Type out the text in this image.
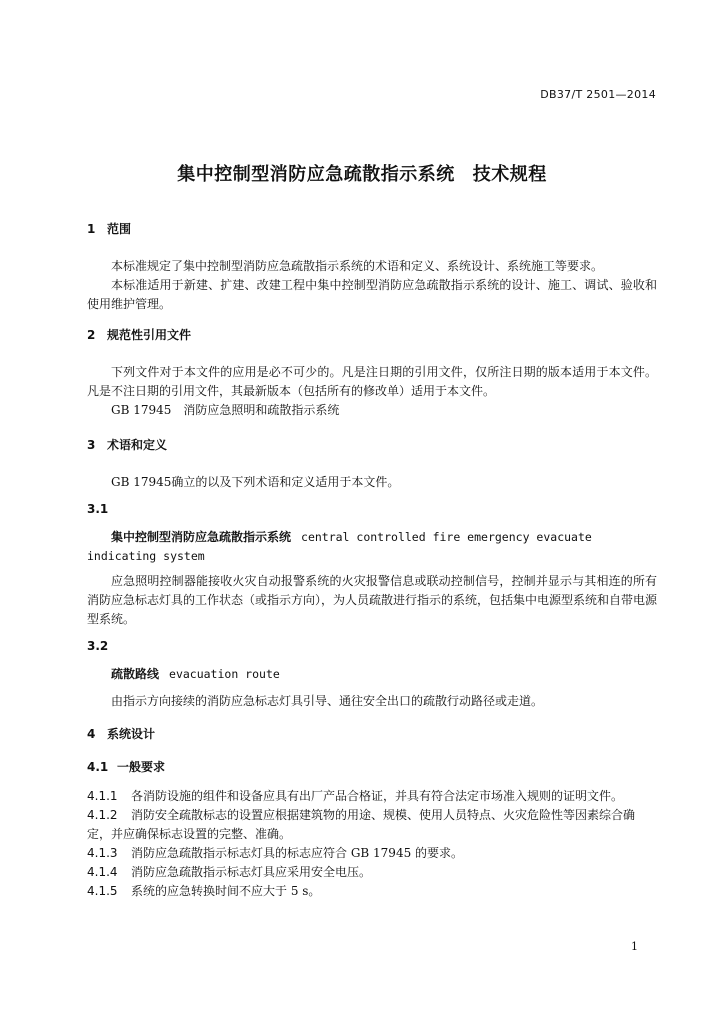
DB37/T 2501—2014
集中控制型消防应急疏散指示系统 技术规程
1 范围
本标准规定了集中控制型消防应急疏散指示系统的术语和定义、系统设计、系统施工等要求。
本标准适用于新建、扩建、改建工程中集中控制型消防应急疏散指示系统的设计、施工、调试、验收和使用维护管理。
2 规范性引用文件
下列文件对于本文件的应用是必不可少的。凡是注日期的引用文件，仅所注日期的版本适用于本文件。凡是不注日期的引用文件，其最新版本（包括所有的修改单）适用于本文件。
GB 17945　消防应急照明和疏散指示系统
3 术语和定义
GB 17945确立的以及下列术语和定义适用于本文件。
3.1
集中控制型消防应急疏散指示系统 central controlled fire emergency evacuate indicating system
应急照明控制器能接收火灾自动报警系统的火灾报警信息或联动控制信号，控制并显示与其相连的所有消防应急标志灯具的工作状态（或指示方向），为人员疏散进行指示的系统，包括集中电源型系统和自带电源型系统。
3.2
疏散路线 evacuation route
由指示方向接续的消防应急标志灯具引导、通往安全出口的疏散行动路径或走道。
4 系统设计
4.1 一般要求
4.1.1 各消防设施的组件和设备应具有出厂产品合格证，并具有符合法定市场准入规则的证明文件。
4.1.2 消防安全疏散标志的设置应根据建筑物的用途、规模、使用人员特点、火灾危险性等因素综合确定，并应确保标志设置的完整、准确。
4.1.3 消防应急疏散指示标志灯具的标志应符合 GB 17945 的要求。
4.1.4 消防应急疏散指示标志灯具应采用安全电压。
4.1.5 系统的应急转换时间不应大于 5 s。
1
